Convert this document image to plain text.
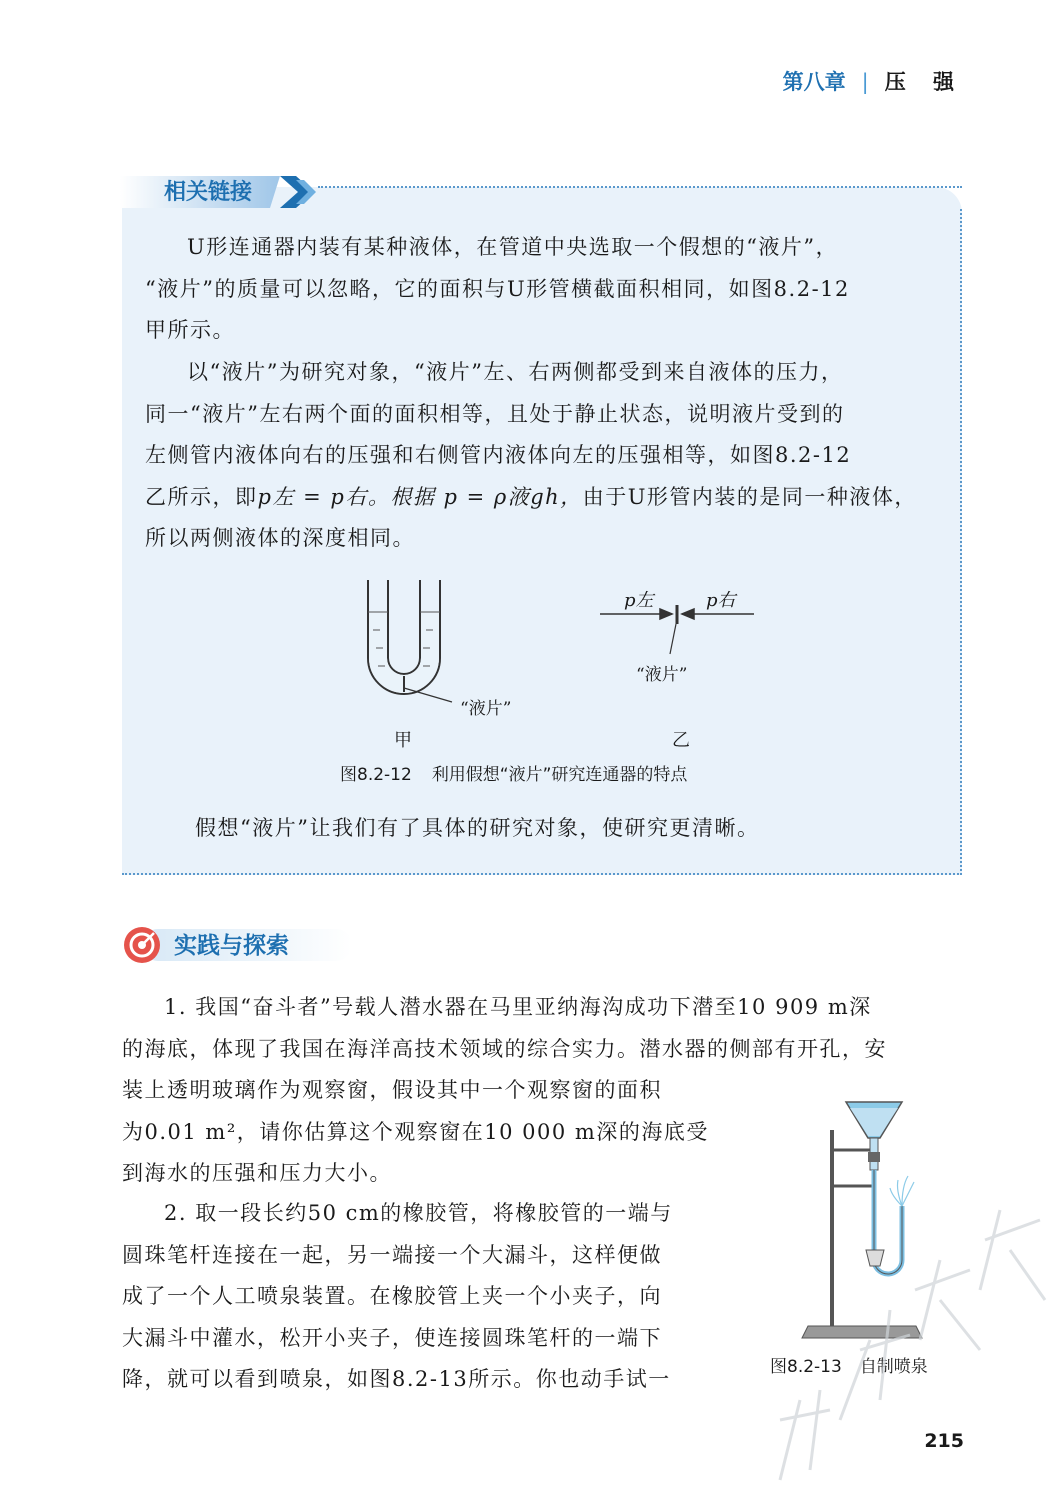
第八章 | 压 强
相关链接
U形连通器内装有某种液体，在管道中央选取一个假想的“液片”，
“液片”的质量可以忽略，它的面积与U形管横截面积相同，如图8.2-12
甲所示。
以“液片”为研究对象，“液片”左、右两侧都受到来自液体的压力，
同一“液片”左右两个面的面积相等，且处于静止状态，说明液片受到的
左侧管内液体向右的压强和右侧管内液体向左的压强相等，如图8.2-12
乙所示，即p左 = p右。根据 p = ρ液gh，由于U形管内装的是同一种液体，
所以两侧液体的深度相同。
p左	p右
“液片”
“液片”
甲	乙
图8.2-12 利用假想“液片”研究连通器的特点
假想“液片”让我们有了具体的研究对象，使研究更清晰。
实践与探索
1. 我国“奋斗者”号载人潜水器在马里亚纳海沟成功下潜至10 909 m深
的海底，体现了我国在海洋高技术领域的综合实力。潜水器的侧部有开孔，安
装上透明玻璃作为观察窗，假设其中一个观察窗的面积
为0.01 m²，请你估算这个观察窗在10 000 m深的海底受
到海水的压强和压力大小。
2. 取一段长约50 cm的橡胶管，将橡胶管的一端与
圆珠笔杆连接在一起，另一端接一个大漏斗，这样便做
成了一个人工喷泉装置。在橡胶管上夹一个小夹子，向
大漏斗中灌水，松开小夹子，使连接圆珠笔杆的一端下
降，就可以看到喷泉，如图8.2-13所示。你也动手试一	图8.2-13 自制喷泉
215
